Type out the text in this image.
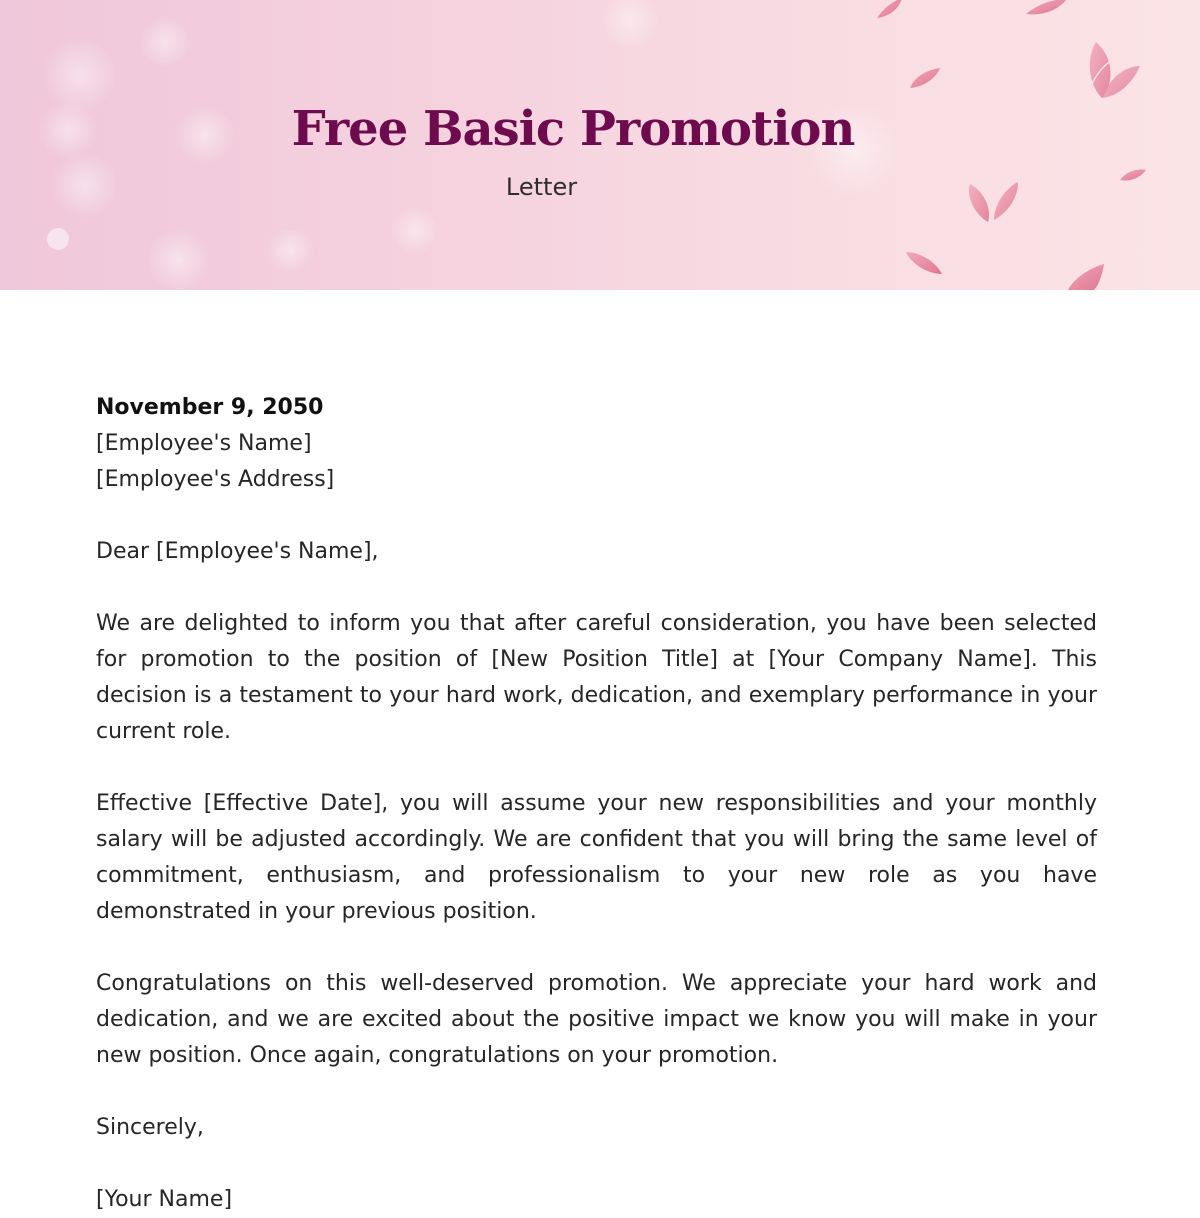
Free Basic Promotion
Letter

November 9, 2050

[Employee's Name]

[Employee's Address]

Dear [Employee's Name],

We are delighted to inform you that after careful consideration, you have been selected for promotion to the position of [New Position Title] at [Your Company Name]. This decision is a testament to your hard work, dedication, and exemplary performance in your current role.

Effective [Effective Date], you will assume your new responsibilities and your monthly salary will be adjusted accordingly. We are confident that you will bring the same level of commitment, enthusiasm, and professionalism to your new role as you have demonstrated in your previous position.

Congratulations on this well-deserved promotion. We appreciate your hard work and dedication, and we are excited about the positive impact we know you will make in your new position. Once again, congratulations on your promotion.

Sincerely,

[Your Name]
